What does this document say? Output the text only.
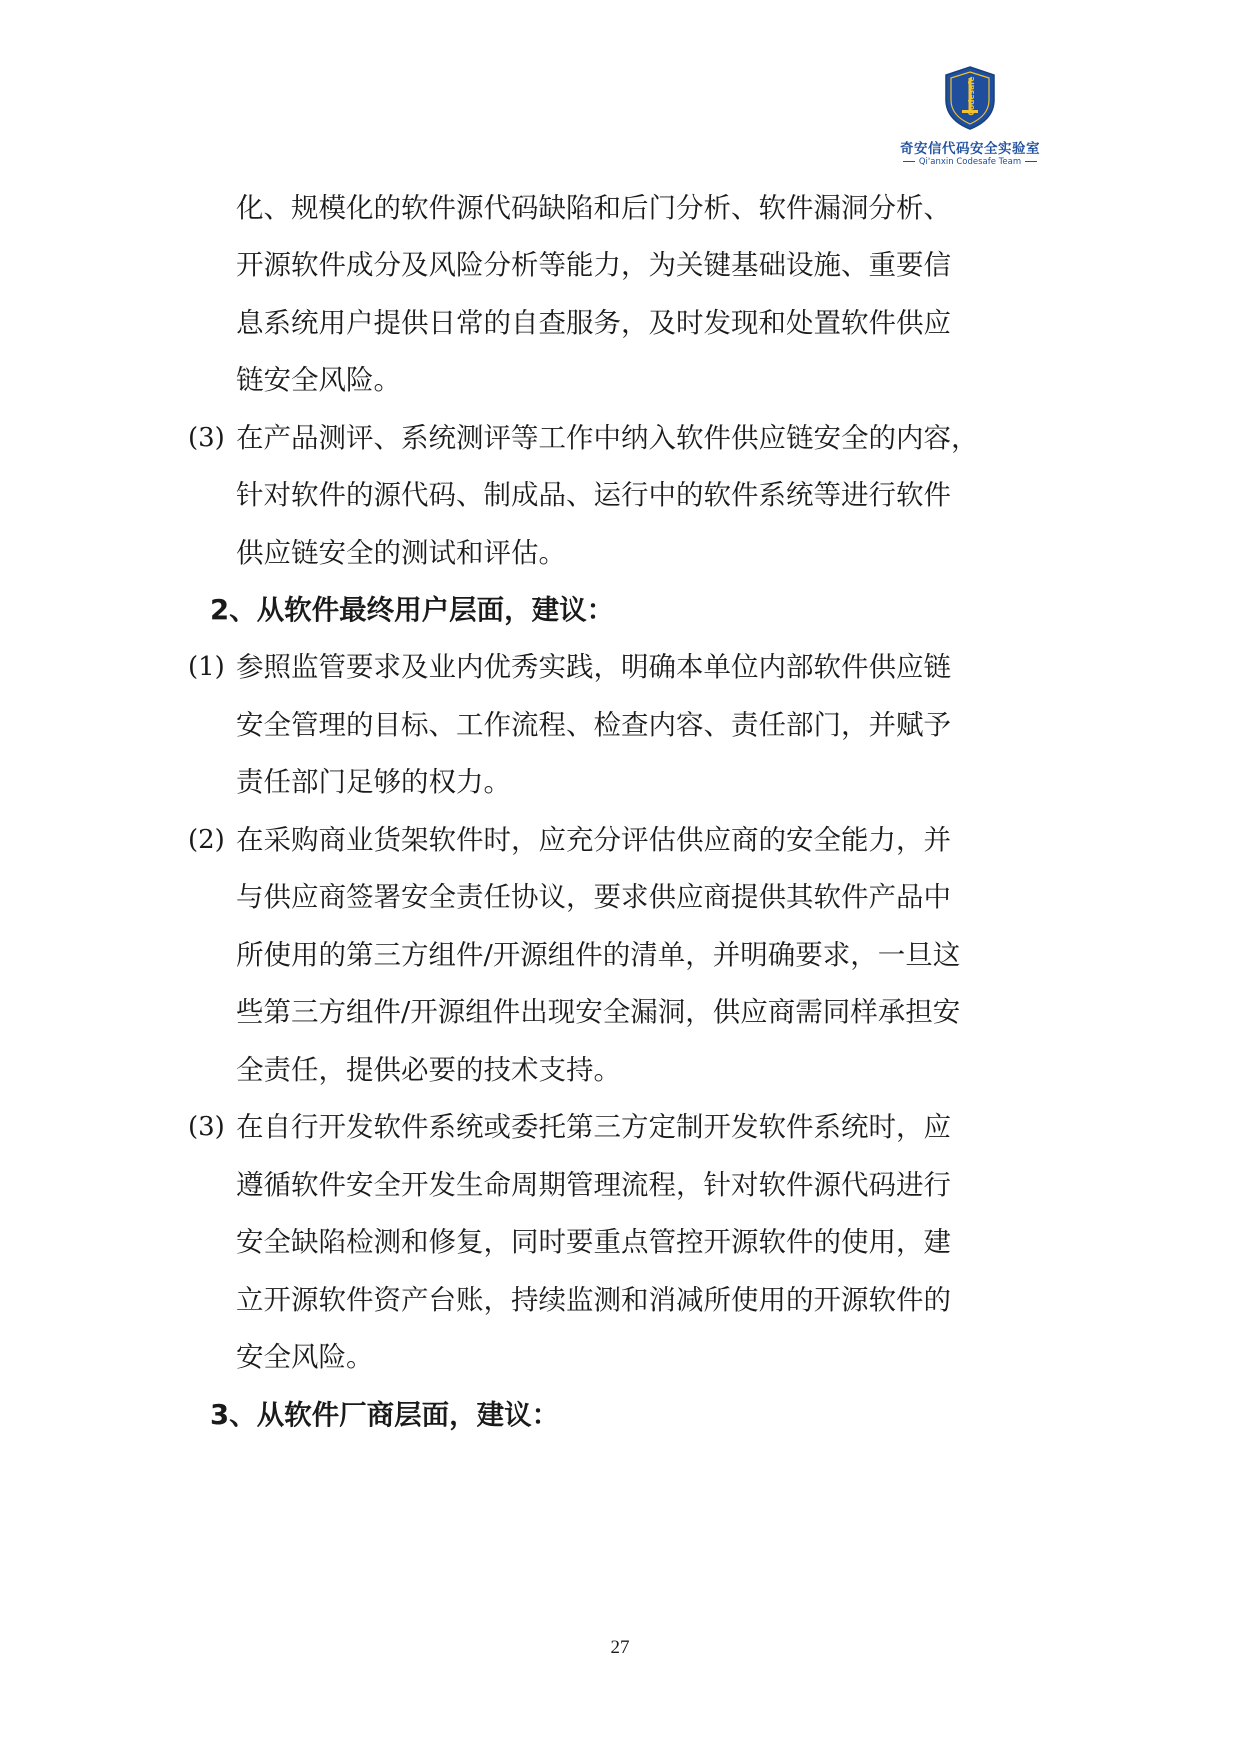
Codesafe
奇安信代码安全实验室
Qi'anxin Codesafe Team
化、规模化的软件源代码缺陷和后门分析、软件漏洞分析、
开源软件成分及风险分析等能力，为关键基础设施、重要信
息系统用户提供日常的自查服务，及时发现和处置软件供应
链安全风险。
(3) 在产品测评、系统测评等工作中纳入软件供应链安全的内容，
针对软件的源代码、制成品、运行中的软件系统等进行软件
供应链安全的测试和评估。
2、从软件最终用户层面，建议：
(1) 参照监管要求及业内优秀实践，明确本单位内部软件供应链
安全管理的目标、工作流程、检查内容、责任部门，并赋予
责任部门足够的权力。
(2) 在采购商业货架软件时，应充分评估供应商的安全能力，并
与供应商签署安全责任协议，要求供应商提供其软件产品中
所使用的第三方组件/开源组件的清单，并明确要求，一旦这
些第三方组件/开源组件出现安全漏洞，供应商需同样承担安
全责任，提供必要的技术支持。
(3) 在自行开发软件系统或委托第三方定制开发软件系统时，应
遵循软件安全开发生命周期管理流程，针对软件源代码进行
安全缺陷检测和修复，同时要重点管控开源软件的使用，建
立开源软件资产台账，持续监测和消减所使用的开源软件的
安全风险。
3、从软件厂商层面，建议：
27
